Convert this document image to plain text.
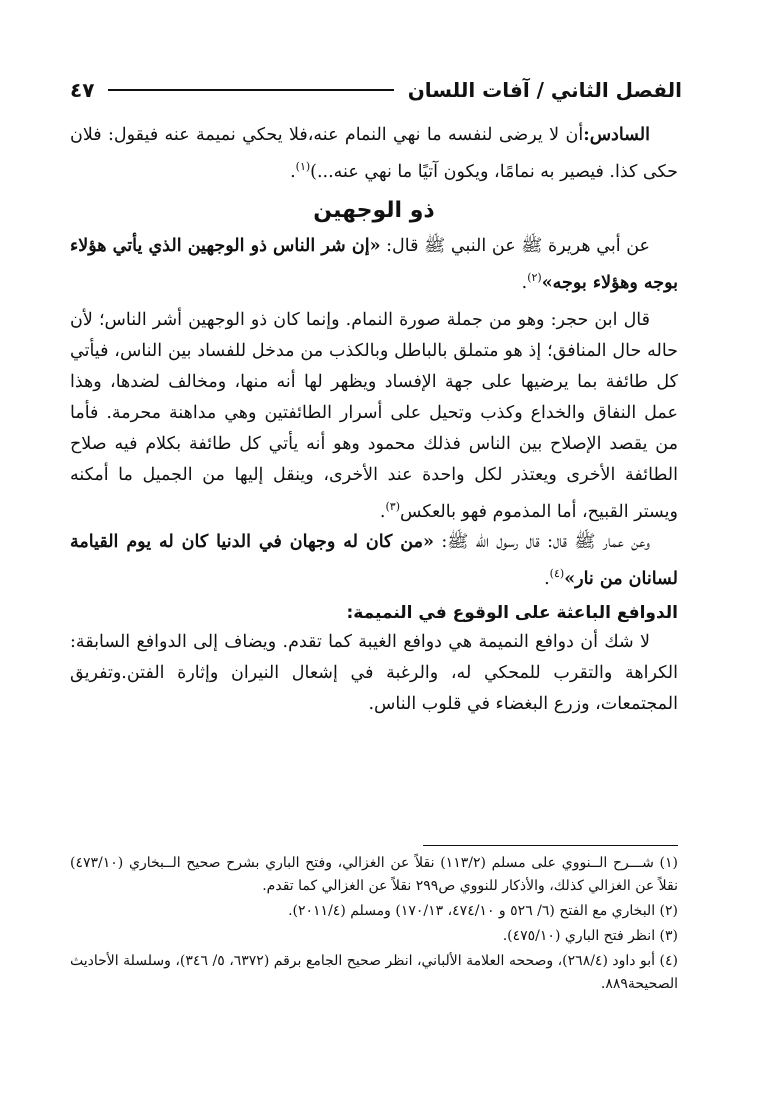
الفصل الثاني / آفات اللسان
٤٧

السادس:أن لا يرضى لنفسه ما نهي النمام عنه،فلا يحكي نميمة عنه فيقول: فلان حكى كذا. فيصير به نمامًا، ويكون آتيًا ما نهي عنه...)$^{(١)}$.

ذو الوجهين

عن أبي هريرة ﷺ عن النبي ﷺ قال: «إن شر الناس ذو الوجهين الذي يأتي هؤلاء بوجه وهؤلاء بوجه»$^{(٢)}$.

قال ابن حجر: وهو من جملة صورة النمام. وإنما كان ذو الوجهين أشر الناس؛ لأن حاله حال المنافق؛ إذ هو متملق بالباطل وبالكذب من مدخل للفساد بين الناس، فيأتي كل طائفة بما يرضيها على جهة الإفساد ويظهر لها أنه منها، ومخالف لضدها، وهذا عمل النفاق والخداع وكذب وتحيل على أسرار الطائفتين وهي مداهنة محرمة. فأما من يقصد الإصلاح بين الناس فذلك محمود وهو أنه يأتي كل طائفة بكلام فيه صلاح الطائفة الأخرى ويعتذر لكل واحدة عند الأخرى، وينقل إليها من الجميل ما أمكنه ويستر القبيح، أما المذموم فهو بالعكس$^{(٣)}$.

وعن عمار ﷺ قال: قال رسول الله ﷺ: «من كان له وجهان في الدنيا كان له يوم القيامة لسانان من نار»$^{(٤)}$.

الدوافع الباعثة على الوقوع في النميمة:

لا شك أن دوافع النميمة هي دوافع الغيبة كما تقدم. ويضاف إلى الدوافع السابقة: الكراهة والتقرب للمحكي له، والرغبة في إشعال النيران وإثارة الفتن.وتفريق المجتمعات، وزرع البغضاء في قلوب الناس.

(١) شـــرح الــنووي على مسلم (١١٣/٢) نقلاً عن الغزالي، وفتح الباري بشرح صحيح الــبخاري (٤٧٣/١٠) نقلاً عن الغزالي كذلك، والأذكار للنووي ص٢٩٩ نقلاً عن الغزالي كما تقدم.

(٢) البخاري مع الفتح (٦/ ٥٢٦ و ٤٧٤/١٠، ١٧٠/١٣) ومسلم (٢٠١١/٤).

(٣) انظر فتح الباري (٤٧٥/١٠).

(٤) أبو داود (٢٦٨/٤)، وصححه العلامة الألباني، انظر صحيح الجامع برقم (٦٣٧٢، ٥/ ٣٤٦)، وسلسلة الأحاديث الصحيحة٨٨٩.
